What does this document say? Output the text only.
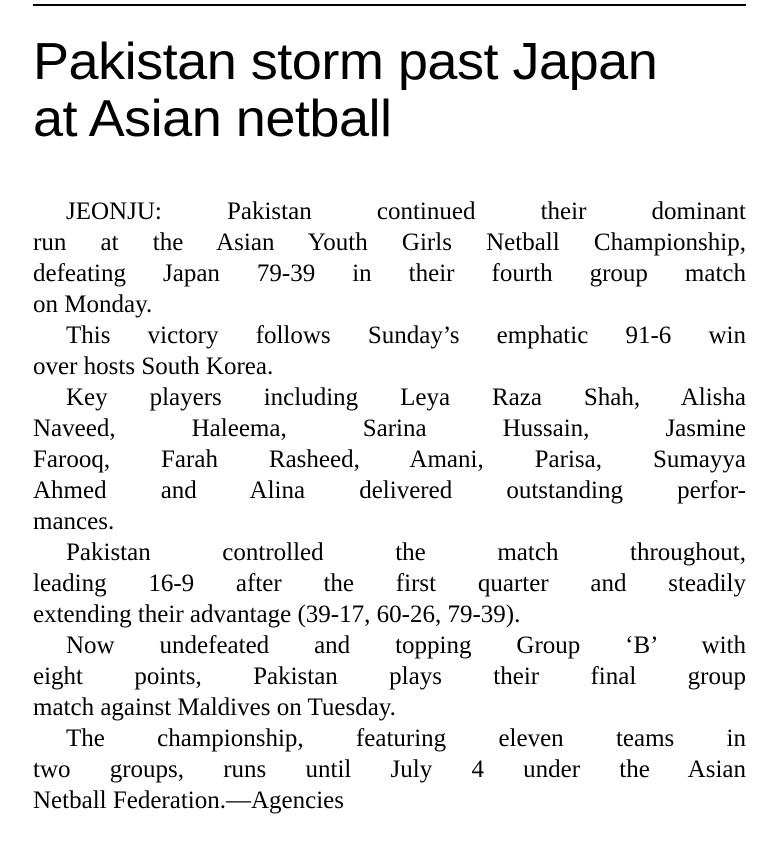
Pakistan storm past Japan
at Asian netball
JEONJU: Pakistan continued their dominant
run at the Asian Youth Girls Netball Championship,
defeating Japan 79-39 in their fourth group match
on Monday.
This victory follows Sunday’s emphatic 91-6 win
over hosts South Korea.
Key players including Leya Raza Shah, Alisha
Naveed, Haleema, Sarina Hussain, Jasmine
Farooq, Farah Rasheed, Amani, Parisa, Sumayya
Ahmed and Alina delivered outstanding perfor-
mances.
Pakistan controlled the match throughout,
leading 16-9 after the first quarter and steadily
extending their advantage (39-17, 60-26, 79-39).
Now undefeated and topping Group ‘B’ with
eight points, Pakistan plays their final group
match against Maldives on Tuesday.
The championship, featuring eleven teams in
two groups, runs until July 4 under the Asian
Netball Federation.—Agencies
